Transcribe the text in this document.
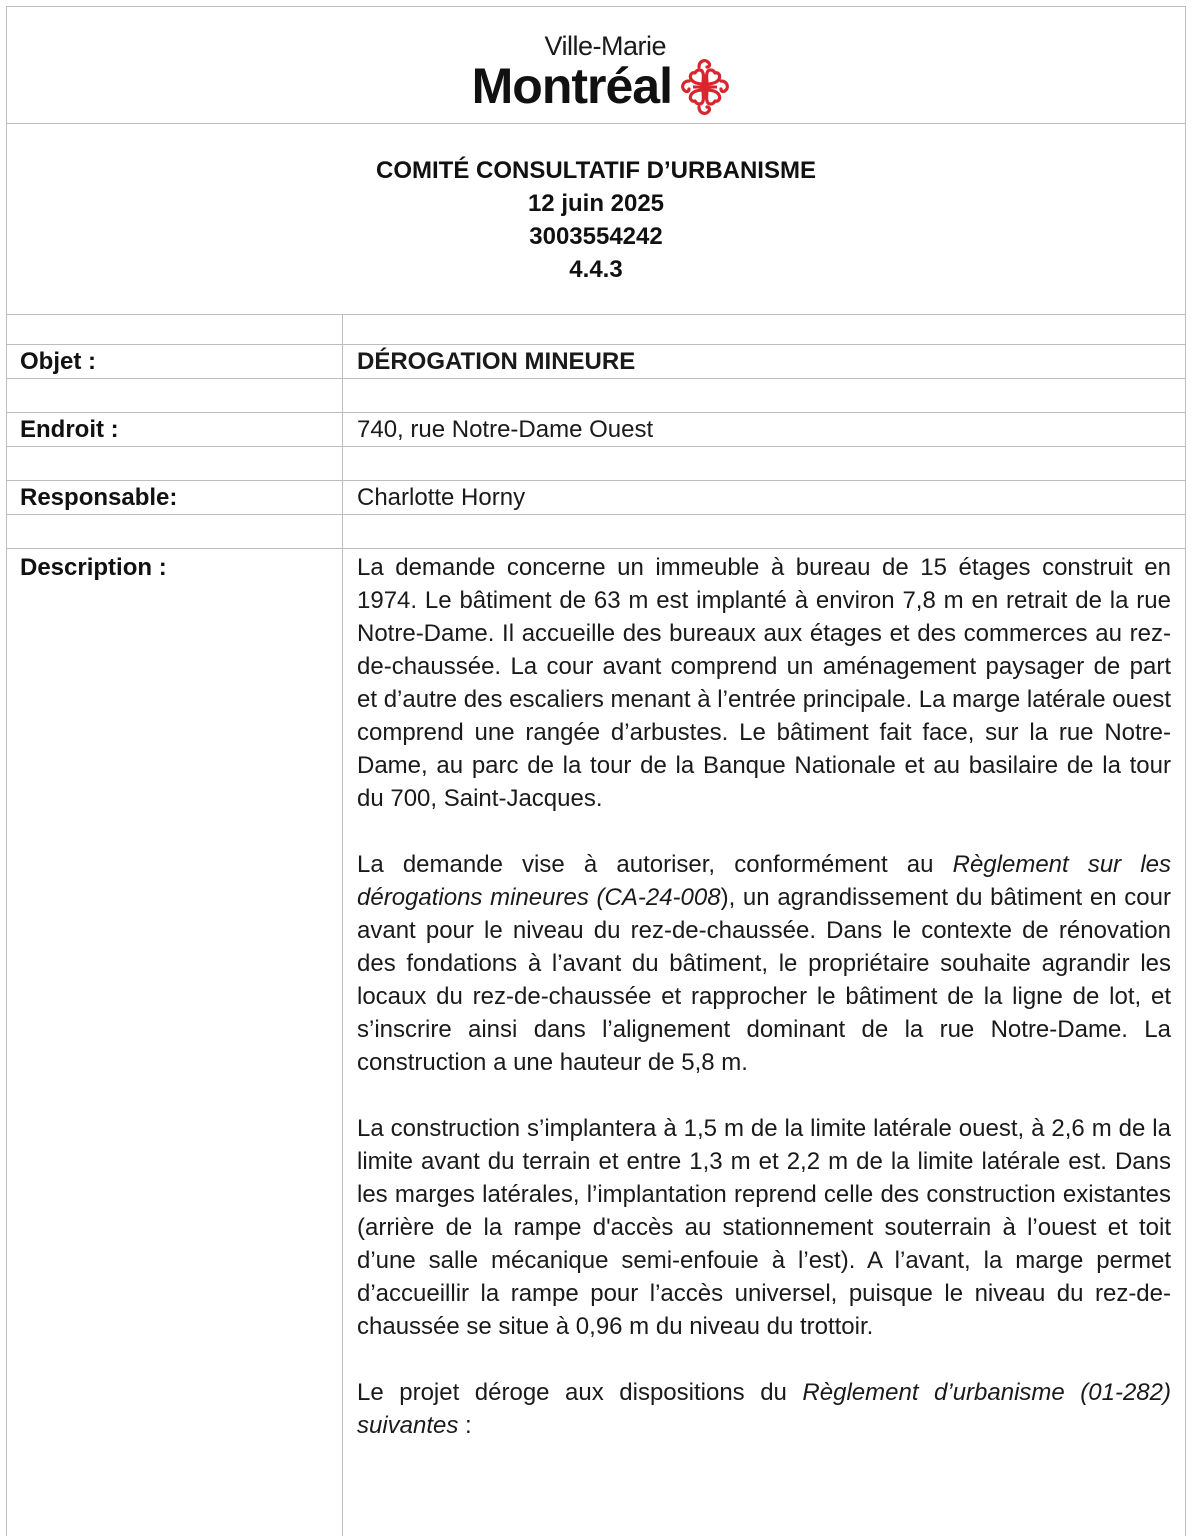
Ville-Marie
Montréal
COMITÉ CONSULTATIF D’URBANISME
12 juin 2025
3003554242
4.4.3
Objet :	DÉROGATION MINEURE
Endroit :	740, rue Notre-Dame Ouest
Responsable:	Charlotte Horny
Description :	La demande concerne un immeuble à bureau de 15 étages construit en 1974. Le bâtiment de 63 m est implanté à environ 7,8 m en retrait de la rue Notre-Dame. Il accueille des bureaux aux étages et des commerces au rez-de-chaussée. La cour avant comprend un aménagement paysager de part et d’autre des escaliers menant à l’entrée principale. La marge latérale ouest comprend une rangée d’arbustes. Le bâtiment fait face, sur la rue Notre-Dame, au parc de la tour de la Banque Nationale et au basilaire de la tour du 700, Saint-Jacques.

La demande vise à autoriser, conformément au Règlement sur les dérogations mineures (CA-24-008), un agrandissement du bâtiment en cour avant pour le niveau du rez-de-chaussée. Dans le contexte de rénovation des fondations à l’avant du bâtiment, le propriétaire souhaite agrandir les locaux du rez-de-chaussée et rapprocher le bâtiment de la ligne de lot, et s’inscrire ainsi dans l’alignement dominant de la rue Notre-Dame. La construction a une hauteur de 5,8 m.

La construction s’implantera à 1,5 m de la limite latérale ouest, à 2,6 m de la limite avant du terrain et entre 1,3 m et 2,2 m de la limite latérale est. Dans les marges latérales, l’implantation reprend celle des construction existantes (arrière de la rampe d'accès au stationnement souterrain à l’ouest et toit d’une salle mécanique semi-enfouie à l’est). A l’avant, la marge permet d’accueillir la rampe pour l’accès universel, puisque le niveau du rez-de-chaussée se situe à 0,96 m du niveau du trottoir.

Le projet déroge aux dispositions du Règlement d’urbanisme (01-282) suivantes :
